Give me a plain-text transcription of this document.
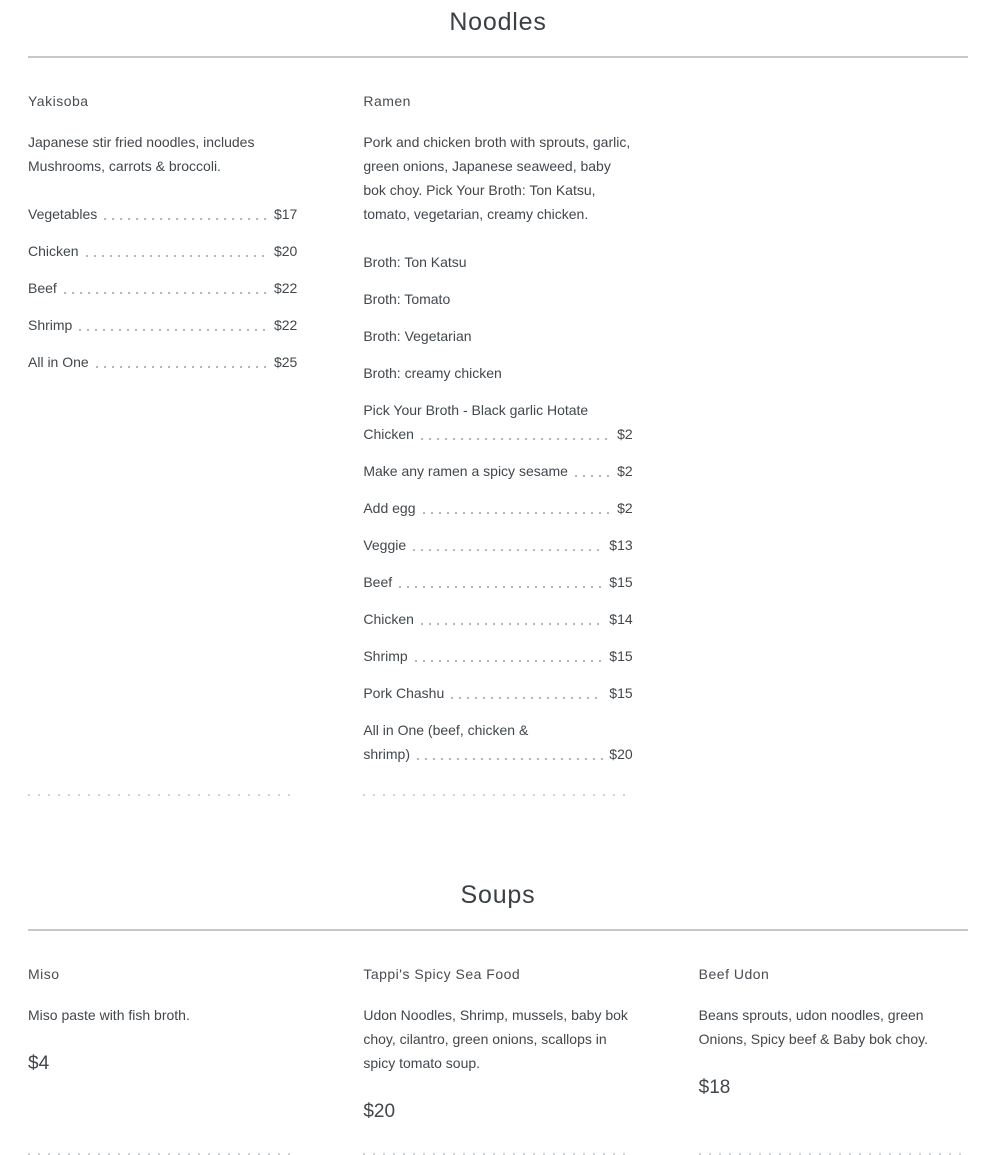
Noodles
Yakisoba

Japanese stir fried noodles, includes Mushrooms, carrots & broccoli.

Vegetables	$17
Chicken	$20
Beef	$22
Shrimp	$22
All in One	$25
Ramen

Pork and chicken broth with sprouts, garlic, green onions, Japanese seaweed, baby bok choy. Pick Your Broth: Ton Katsu, tomato, vegetarian, creamy chicken.

Broth: Ton Katsu
Broth: Tomato
Broth: Vegetarian
Broth: creamy chicken
Pick Your Broth - Black garlic Hotate
Chicken	$2
Make any ramen a spicy sesame	$2
Add egg	$2
Veggie	$13
Beef	$15
Chicken	$14
Shrimp	$15
Pork Chashu	$15
All in One (beef, chicken &
shrimp)	$20
Soups
Miso

Miso paste with fish broth.

$4

Tappi's Spicy Sea Food

Udon Noodles, Shrimp, mussels, baby bok choy, cilantro, green onions, scallops in spicy tomato soup.

$20

Beef Udon

Beans sprouts, udon noodles, green Onions, Spicy beef & Baby bok choy.

$18
